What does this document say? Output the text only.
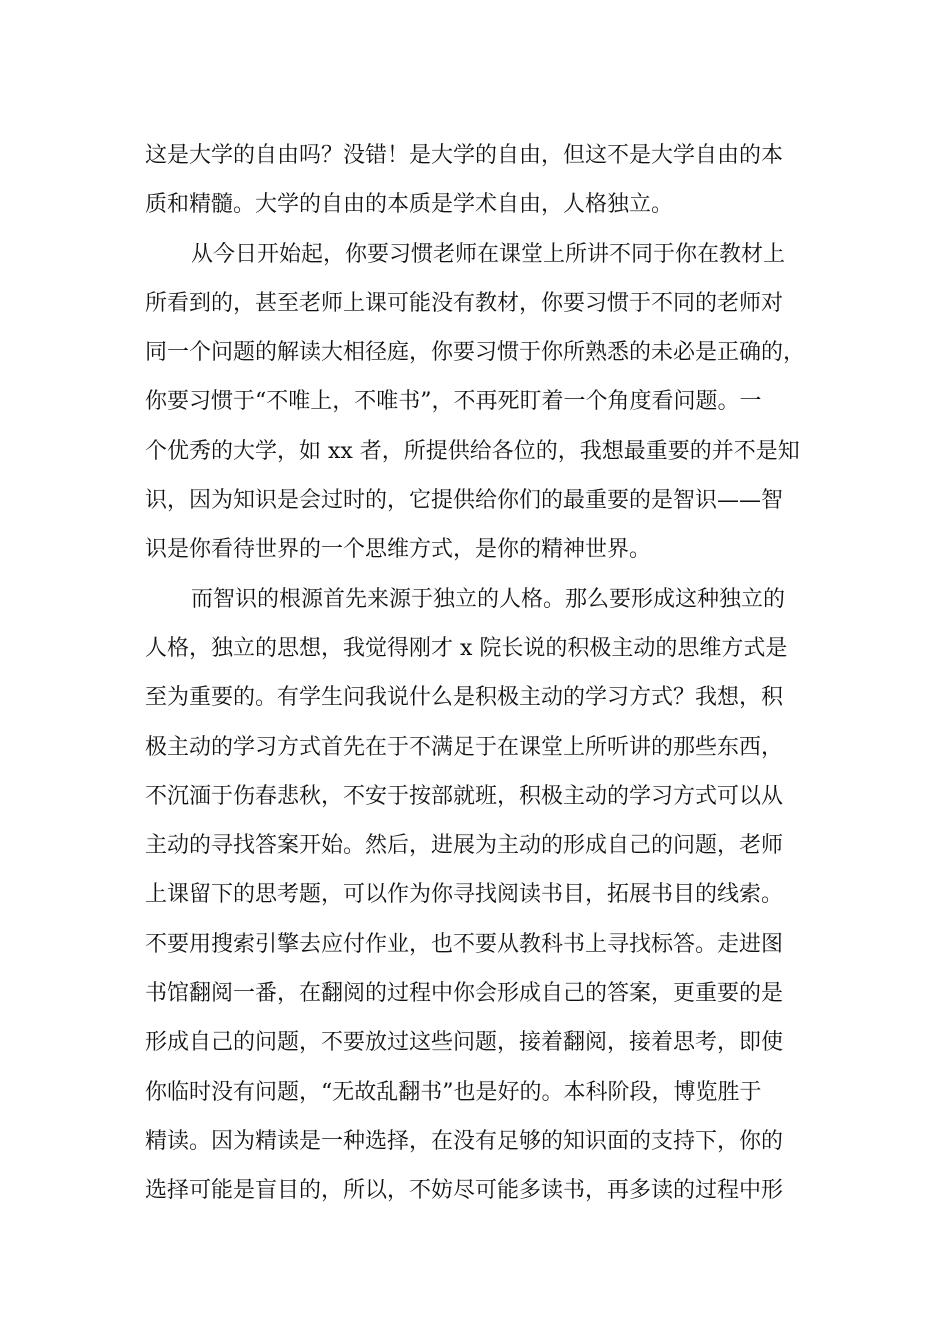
这是大学的自由吗？没错！是大学的自由，但这不是大学自由的本
质和精髓。大学的自由的本质是学术自由，人格独立。
从今日开始起，你要习惯老师在课堂上所讲不同于你在教材上
所看到的，甚至老师上课可能没有教材，你要习惯于不同的老师对
同一个问题的解读大相径庭，你要习惯于你所熟悉的未必是正确的，
你要习惯于“不唯上，不唯书”，不再死盯着一个角度看问题。一
个优秀的大学，如 xx 者，所提供给各位的，我想最重要的并不是知
识，因为知识是会过时的，它提供给你们的最重要的是智识——智
识是你看待世界的一个思维方式，是你的精神世界。
而智识的根源首先来源于独立的人格。那么要形成这种独立的
人格，独立的思想，我觉得刚才 x 院长说的积极主动的思维方式是
至为重要的。有学生问我说什么是积极主动的学习方式？我想，积
极主动的学习方式首先在于不满足于在课堂上所听讲的那些东西，
不沉湎于伤春悲秋，不安于按部就班，积极主动的学习方式可以从
主动的寻找答案开始。然后，进展为主动的形成自己的问题，老师
上课留下的思考题，可以作为你寻找阅读书目，拓展书目的线索。
不要用搜索引擎去应付作业，也不要从教科书上寻找标答。走进图
书馆翻阅一番，在翻阅的过程中你会形成自己的答案，更重要的是
形成自己的问题，不要放过这些问题，接着翻阅，接着思考，即使
你临时没有问题，“无故乱翻书”也是好的。本科阶段，博览胜于
精读。因为精读是一种选择，在没有足够的知识面的支持下，你的
选择可能是盲目的，所以，不妨尽可能多读书，再多读的过程中形
